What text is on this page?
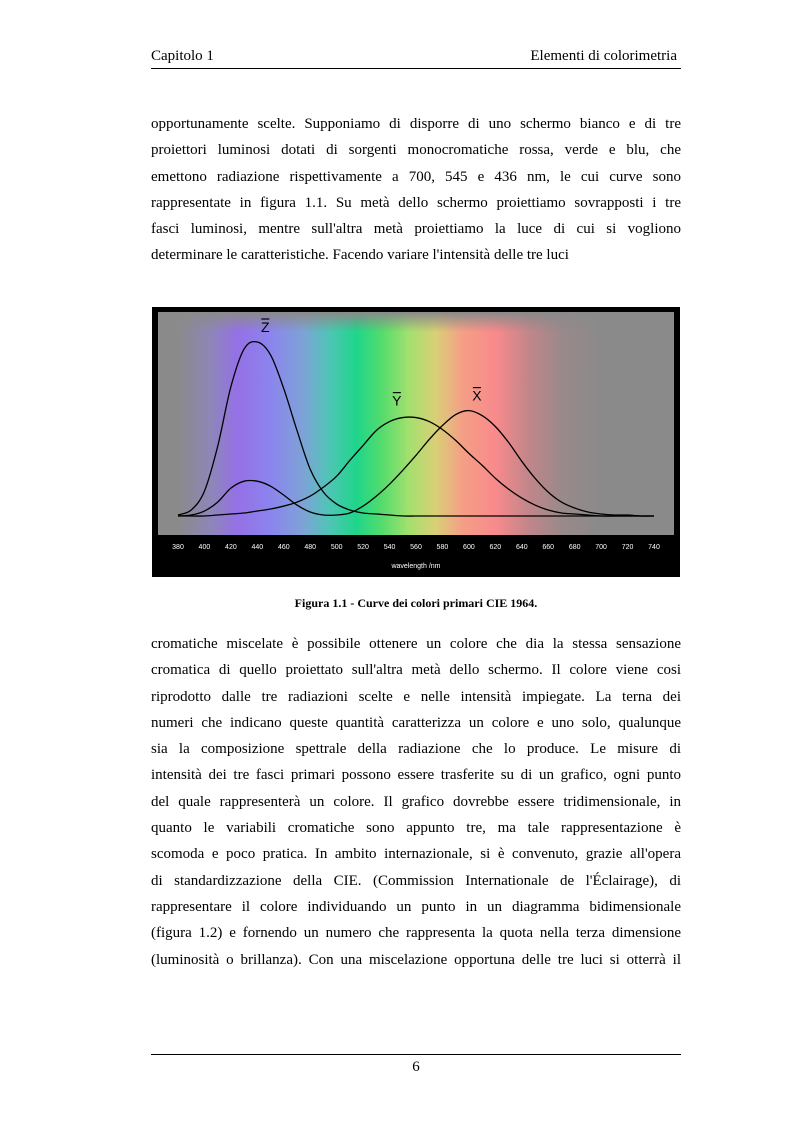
Capitolo 1	Elementi di colorimetria

opportunamente scelte. Supponiamo di disporre di uno schermo bianco e di tre
proiettori luminosi dotati di sorgenti monocromatiche rossa, verde e blu, che
emettono radiazione rispettivamente a 700, 545 e 436 nm, le cui curve sono
rappresentate in figura 1.1. Su metà dello schermo proiettiamo sovrapposti i tre
fasci luminosi, mentre sull'altra metà proiettiamo la luce di cui si vogliono
determinare le caratteristiche. Facendo variare l'intensità delle tre luci

X
Y
Z
380 400 420 440 460 480 500 520 540 560 580 600 620 640 660 680 700 720 740
wavelength /nm
Figura 1.1 - Curve dei colori primari CIE 1964.

cromatiche miscelate è possibile ottenere un colore che dia la stessa sensazione
cromatica di quello proiettato sull'altra metà dello schermo. Il colore viene cosi
riprodotto dalle tre radiazioni scelte e nelle intensità impiegate. La terna dei
numeri che indicano queste quantità caratterizza un colore e uno solo, qualunque
sia la composizione spettrale della radiazione che lo produce. Le misure di
intensità dei tre fasci primari possono essere trasferite su di un grafico, ogni punto
del quale rappresenterà un colore. Il grafico dovrebbe essere tridimensionale, in
quanto le variabili cromatiche sono appunto tre, ma tale rappresentazione è
scomoda e poco pratica. In ambito internazionale, si è convenuto, grazie all'opera
di standardizzazione della CIE. (Commission Internationale de l'Éclairage), di
rappresentare il colore individuando un punto in un diagramma bidimensionale
(figura 1.2) e fornendo un numero che rappresenta la quota nella terza dimensione
(luminosità o brillanza). Con una miscelazione opportuna delle tre luci si otterrà il

6
